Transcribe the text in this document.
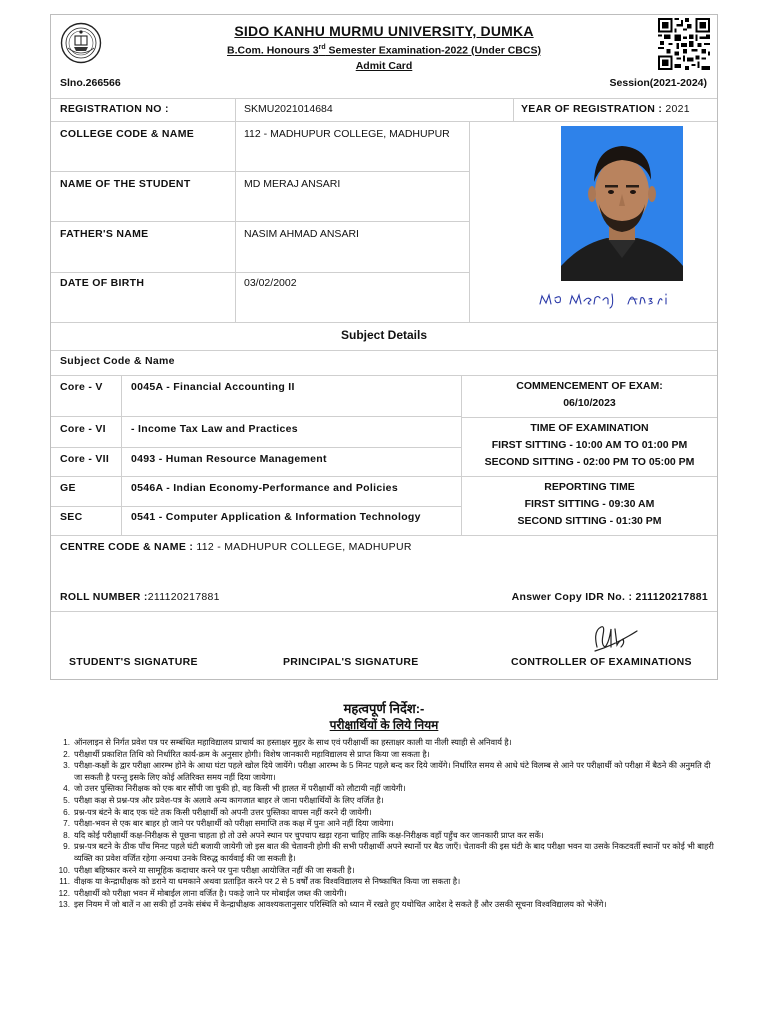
SIDO KANHU MURMU UNIVERSITY, DUMKA
B.Com. Honours 3rd Semester Examination-2022 (Under CBCS)
Admit Card
Slno.266566	Session(2021-2024)
REGISTRATION NO :	SKMU2021014684	YEAR OF REGISTRATION : 2021
COLLEGE CODE & NAME	112 - MADHUPUR COLLEGE, MADHUPUR
NAME OF THE STUDENT	MD MERAJ ANSARI
FATHER'S NAME	NASIM AHMAD ANSARI
DATE OF BIRTH	03/02/2002
Subject Details
Subject Code & Name
Core - V	0045A - Financial Accounting II
Core - VI - Income Tax Law and Practices
Core - VII 0493 - Human Resource Management
GE	0546A - Indian Economy-Performance and Policies
SEC	0541 - Computer Application & Information Technology
COMMENCEMENT OF EXAM:
06/10/2023
TIME OF EXAMINATION
FIRST SITTING - 10:00 AM TO 01:00 PM
SECOND SITTING - 02:00 PM TO 05:00 PM
REPORTING TIME
FIRST SITTING - 09:30 AM
SECOND SITTING - 01:30 PM
CENTRE CODE & NAME : 112 - MADHUPUR COLLEGE, MADHUPUR
ROLL NUMBER :211120217881	Answer Copy IDR No. : 211120217881
STUDENT'S SIGNATURE	PRINCIPAL'S SIGNATURE	CONTROLLER OF EXAMINATIONS
महत्वपूर्ण निर्देश:-
परीक्षार्थियों के लिये नियम
1. ऑनलाइन से निर्गत प्रवेश पत्र पर सम्बंधित महाविद्यालय प्राचार्य का हस्ताक्षर मुहर के साथ एवं परीक्षार्थी का हस्ताक्षर काली या नीली स्याही से अनिवार्य है।
2. परीक्षार्थी प्रकाशित तिथि को निर्धारित कार्य-क्रम के अनुसार होगी। विशेष जानकारी महाविद्यालय से प्राप्त किया जा सकता है।
3. परीक्षा-कक्षों के द्वार परीक्षा आरम्भ होने के आधा घंटा पहले खोल दिये जायेंगे। परीक्षा आरम्भ के 5 मिनट पहले बन्द कर दिये जायेंगे। निर्धारित समय से आधे घंटे विलम्ब से आने पर परीक्षार्थी को परीक्षा में बैठने की अनुमति दी जा सकती है परन्तु इसके लिए कोई अतिरिक्त समय नहीं दिया जायेगा।
4. जो उत्तर पुस्तिका निरीक्षक को एक बार सौंपी जा चुकी हो, वह किसी भी हालत में परीक्षार्थी को लौटायी नहीं जायेगी।
5. परीक्षा कक्ष से प्रश्न-पत्र और प्रवेश-पत्र के अलावे अन्य कागजात बाहर ले जाना परीक्षार्थियों के लिए वर्जित है।
6. प्रश्न-पत्र बंटने के बाद एक घंटे तक किसी परीक्षार्थी को अपनी उत्तर पुस्तिका वापस नहीं करने दी जायेगी।
7. परीक्षा-भवन से एक बार बाहर हो जाने पर परीक्षार्थी को परीक्षा समाप्ति तक कक्ष में पुनः आने नहीं दिया जायेगा।
8. यदि कोई परीक्षार्थी कक्ष-निरीक्षक से पूछना चाहता हो तो उसे अपने स्थान पर चुपचाप खड़ा रहना चाहिए ताकि कक्ष-निरीक्षक वहाँ पहुँच कर जानकारी प्राप्त कर सकें।
9. प्रश्न-पत्र बटने के ठीक पाँच मिनट पहले घंटी बजायी जायेगी जो इस बात की चेतावनी होगी की सभी परीक्षार्थी अपने स्थानों पर बैठ जाएँ। चेतावनी की इस घंटी के बाद परीक्षा भवन या उसके निकटवर्ती स्थानों पर कोई भी बाहरी व्यक्ति का प्रवेश वर्जित रहेगा अन्यथा उनके विरुद्ध कार्यवाई की जा सकती है।
10. परीक्षा बहिष्कार करने या सामूहिक कदाचार करने पर पुनः परीक्षा आयोजित नहीं की जा सकती है।
11. वीक्षक या केन्द्राधीक्षक को डराने या धमकाने अथवा प्रताड़ित करने पर 2 से 5 वर्षों तक विश्वविद्यालय से निष्काषित किया जा सकता है।
12. परीक्षार्थी को परीक्षा भवन में मोबाईल लाना वर्जित है। पकड़े जाने पर मोबाईल जब्त की जायेगी।
13. इस नियम में जो बातें न आ सकी हों उनके संबंध में केन्द्राधीक्षक आवश्यकतानुसार परिस्थिति को ध्यान में रखते हुए यथोचित आदेश दे सकते हैं और उसकी सूचना विश्वविद्यालय को भेजेंगे।
